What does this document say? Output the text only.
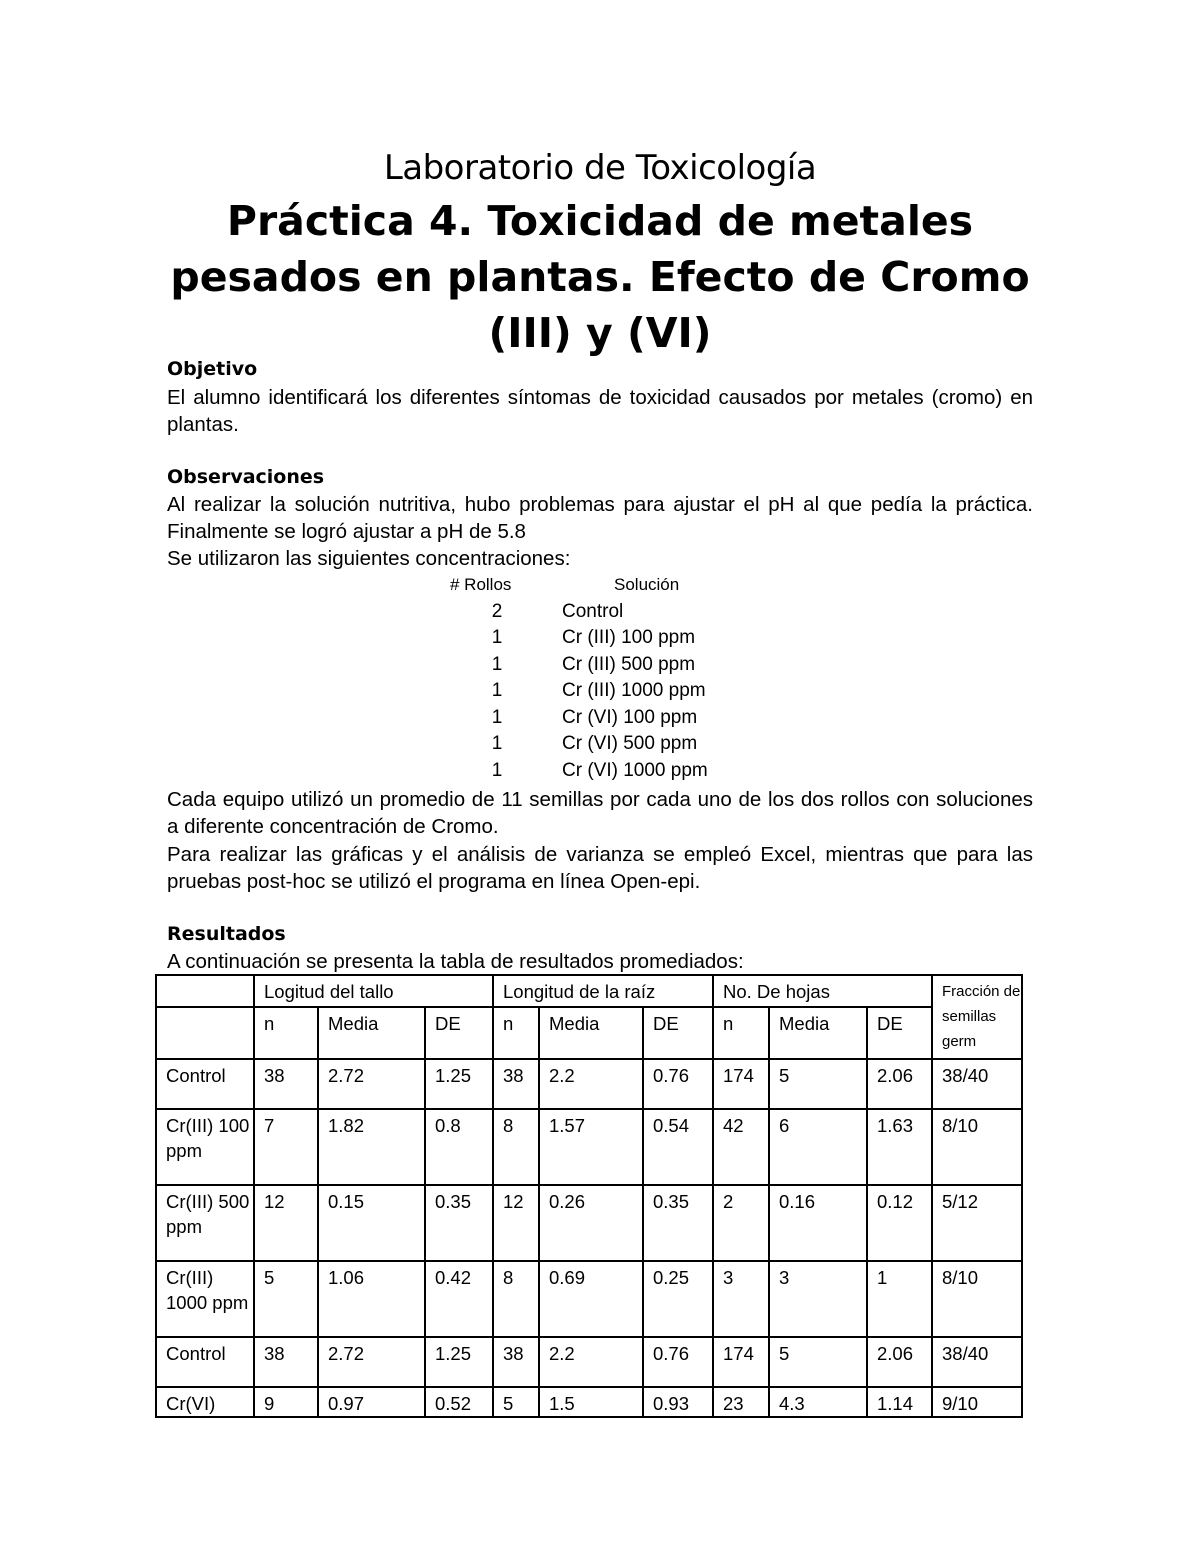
Laboratorio de Toxicología
Práctica 4. Toxicidad de metales pesados en plantas. Efecto de Cromo (III) y (VI)
Objetivo
El alumno identificará los diferentes síntomas de toxicidad causados por metales (cromo) en plantas.
Observaciones
Al realizar la solución nutritiva, hubo problemas para ajustar el pH al que pedía la práctica. Finalmente se logró ajustar a pH de 5.8
Se utilizaron las siguientes concentraciones:
# Rollos	Solución
2	Control
1	Cr (III) 100 ppm
1	Cr (III) 500 ppm
1	Cr (III) 1000 ppm
1	Cr (VI) 100 ppm
1	Cr (VI) 500 ppm
1	Cr (VI) 1000 ppm
Cada equipo utilizó un promedio de 11 semillas por cada uno de los dos rollos con soluciones a diferente concentración de Cromo.
Para realizar las gráficas y el análisis de varianza se empleó Excel, mientras que para las pruebas post-hoc se utilizó el programa en línea Open-epi.
Resultados
A continuación se presenta la tabla de resultados promediados:
	Logitud del tallo			Longitud de la raíz			No. De hojas			Fracción de semillas germ
	n	Media	DE	n	Media	DE	n	Media	DE	
Control	38	2.72	1.25	38	2.2	0.76	174	5	2.06	38/40
Cr(III) 100 ppm	7	1.82	0.8	8	1.57	0.54	42	6	1.63	8/10
Cr(III) 500 ppm	12	0.15	0.35	12	0.26	0.35	2	0.16	0.12	5/12
Cr(III) 1000 ppm	5	1.06	0.42	8	0.69	0.25	3	3	1	8/10
Control	38	2.72	1.25	38	2.2	0.76	174	5	2.06	38/40
Cr(VI)	9	0.97	0.52	5	1.5	0.93	23	4.3	1.14	9/10
